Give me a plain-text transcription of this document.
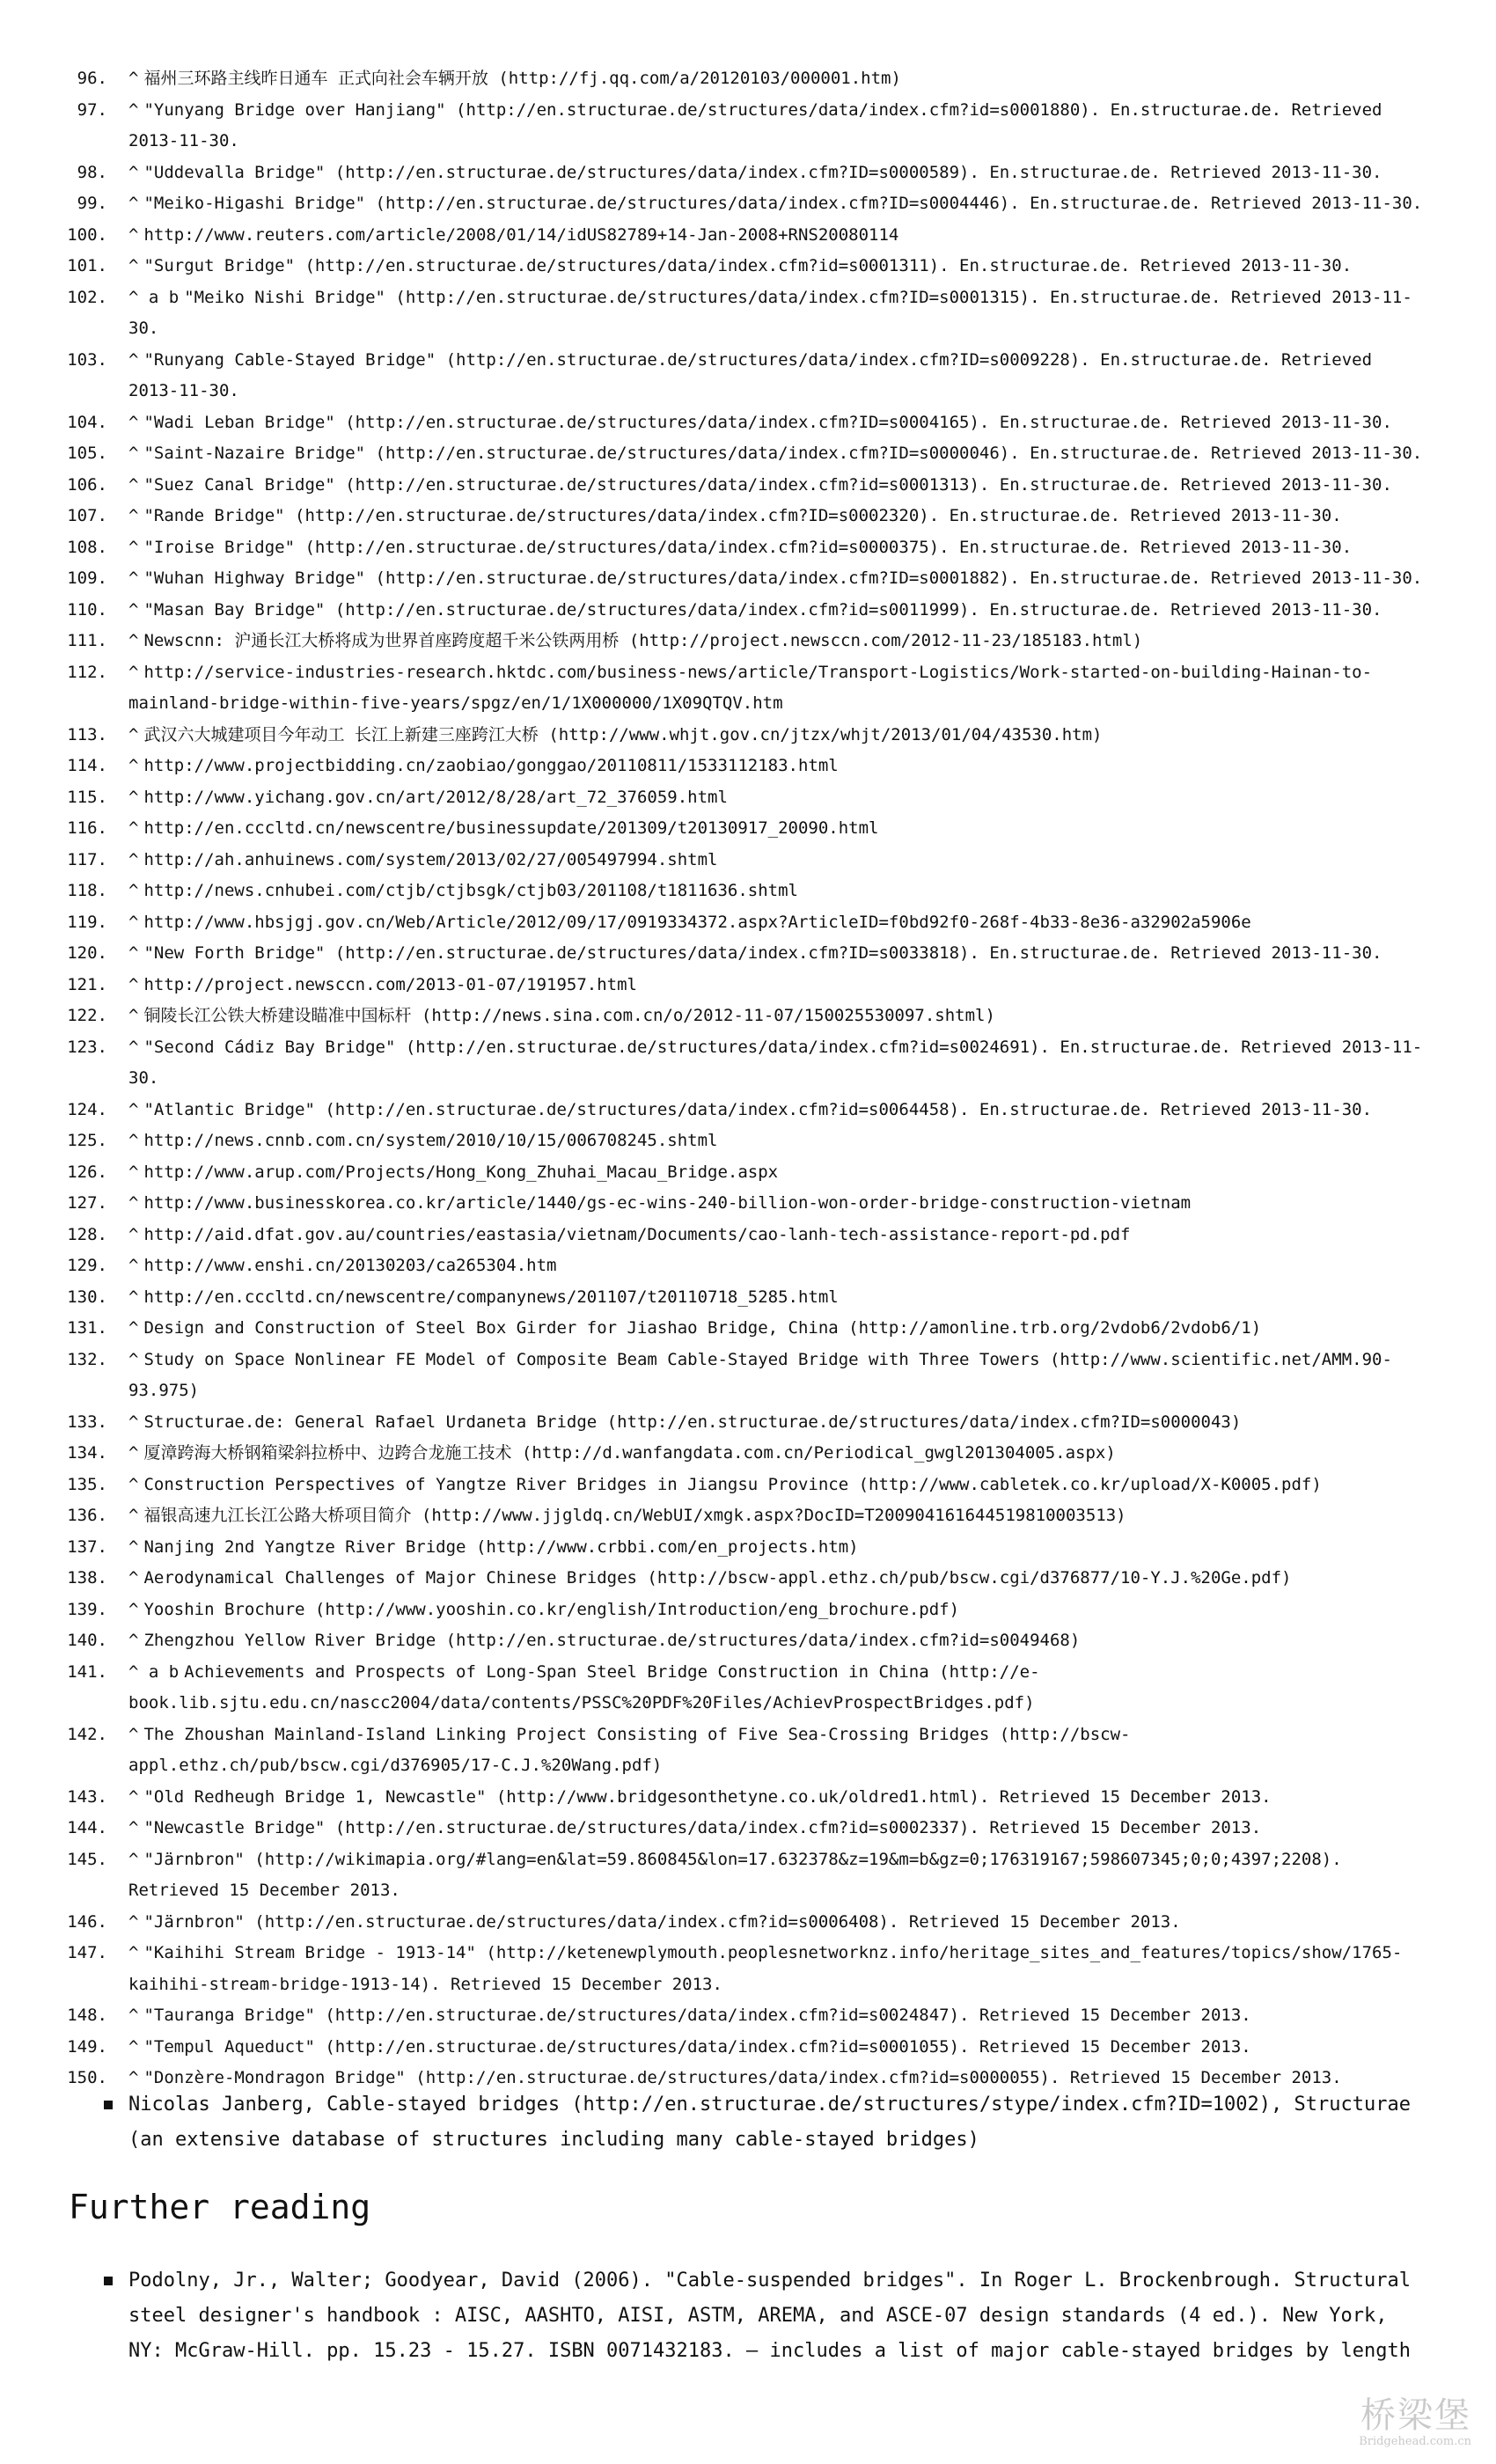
96. ^ 福州三环路主线昨日通车 正式向社会车辆开放 (http://fj.qq.com/a/20120103/000001.htm)
97. ^ "Yunyang Bridge over Hanjiang" (http://en.structurae.de/structures/data/index.cfm?id=s0001880). En.structurae.de. Retrieved 2013-11-30.
98. ^ "Uddevalla Bridge" (http://en.structurae.de/structures/data/index.cfm?ID=s0000589). En.structurae.de. Retrieved 2013-11-30.
99. ^ "Meiko-Higashi Bridge" (http://en.structurae.de/structures/data/index.cfm?ID=s0004446). En.structurae.de. Retrieved 2013-11-30.
100. ^ http://www.reuters.com/article/2008/01/14/idUS82789+14-Jan-2008+RNS20080114
101. ^ "Surgut Bridge" (http://en.structurae.de/structures/data/index.cfm?id=s0001311). En.structurae.de. Retrieved 2013-11-30.
102. ^ a b "Meiko Nishi Bridge" (http://en.structurae.de/structures/data/index.cfm?ID=s0001315). En.structurae.de. Retrieved 2013-11-30.
103. ^ "Runyang Cable-Stayed Bridge" (http://en.structurae.de/structures/data/index.cfm?ID=s0009228). En.structurae.de. Retrieved 2013-11-30.
104. ^ "Wadi Leban Bridge" (http://en.structurae.de/structures/data/index.cfm?ID=s0004165). En.structurae.de. Retrieved 2013-11-30.
105. ^ "Saint-Nazaire Bridge" (http://en.structurae.de/structures/data/index.cfm?ID=s0000046). En.structurae.de. Retrieved 2013-11-30.
106. ^ "Suez Canal Bridge" (http://en.structurae.de/structures/data/index.cfm?id=s0001313). En.structurae.de. Retrieved 2013-11-30.
107. ^ "Rande Bridge" (http://en.structurae.de/structures/data/index.cfm?ID=s0002320). En.structurae.de. Retrieved 2013-11-30.
108. ^ "Iroise Bridge" (http://en.structurae.de/structures/data/index.cfm?id=s0000375). En.structurae.de. Retrieved 2013-11-30.
109. ^ "Wuhan Highway Bridge" (http://en.structurae.de/structures/data/index.cfm?ID=s0001882). En.structurae.de. Retrieved 2013-11-30.
110. ^ "Masan Bay Bridge" (http://en.structurae.de/structures/data/index.cfm?id=s0011999). En.structurae.de. Retrieved 2013-11-30.
111. ^ Newscnn: 沪通长江大桥将成为世界首座跨度超千米公铁两用桥 (http://project.newsccn.com/2012-11-23/185183.html)
112. ^ http://service-industries-research.hktdc.com/business-news/article/Transport-Logistics/Work-started-on-building-Hainan-to-mainland-bridge-within-five-years/spgz/en/1/1X000000/1X09QTQV.htm
113. ^ 武汉六大城建项目今年动工 长江上新建三座跨江大桥 (http://www.whjt.gov.cn/jtzx/whjt/2013/01/04/43530.htm)
114. ^ http://www.projectbidding.cn/zaobiao/gonggao/20110811/1533112183.html
115. ^ http://www.yichang.gov.cn/art/2012/8/28/art_72_376059.html
116. ^ http://en.cccltd.cn/newscentre/businessupdate/201309/t20130917_20090.html
117. ^ http://ah.anhuinews.com/system/2013/02/27/005497994.shtml
118. ^ http://news.cnhubei.com/ctjb/ctjbsgk/ctjb03/201108/t1811636.shtml
119. ^ http://www.hbsjgj.gov.cn/Web/Article/2012/09/17/0919334372.aspx?ArticleID=f0bd92f0-268f-4b33-8e36-a32902a5906e
120. ^ "New Forth Bridge" (http://en.structurae.de/structures/data/index.cfm?ID=s0033818). En.structurae.de. Retrieved 2013-11-30.
121. ^ http://project.newsccn.com/2013-01-07/191957.html
122. ^ 铜陵长江公铁大桥建设瞄准中国标杆 (http://news.sina.com.cn/o/2012-11-07/150025530097.shtml)
123. ^ "Second Cádiz Bay Bridge" (http://en.structurae.de/structures/data/index.cfm?id=s0024691). En.structurae.de. Retrieved 2013-11-30.
124. ^ "Atlantic Bridge" (http://en.structurae.de/structures/data/index.cfm?id=s0064458). En.structurae.de. Retrieved 2013-11-30.
125. ^ http://news.cnnb.com.cn/system/2010/10/15/006708245.shtml
126. ^ http://www.arup.com/Projects/Hong_Kong_Zhuhai_Macau_Bridge.aspx
127. ^ http://www.businesskorea.co.kr/article/1440/gs-ec-wins-240-billion-won-order-bridge-construction-vietnam
128. ^ http://aid.dfat.gov.au/countries/eastasia/vietnam/Documents/cao-lanh-tech-assistance-report-pd.pdf
129. ^ http://www.enshi.cn/20130203/ca265304.htm
130. ^ http://en.cccltd.cn/newscentre/companynews/201107/t20110718_5285.html
131. ^ Design and Construction of Steel Box Girder for Jiashao Bridge, China (http://amonline.trb.org/2vdob6/2vdob6/1)
132. ^ Study on Space Nonlinear FE Model of Composite Beam Cable-Stayed Bridge with Three Towers (http://www.scientific.net/AMM.90-93.975)
133. ^ Structurae.de: General Rafael Urdaneta Bridge (http://en.structurae.de/structures/data/index.cfm?ID=s0000043)
134. ^ 厦漳跨海大桥钢箱梁斜拉桥中、边跨合龙施工技术 (http://d.wanfangdata.com.cn/Periodical_gwgl201304005.aspx)
135. ^ Construction Perspectives of Yangtze River Bridges in Jiangsu Province (http://www.cabletek.co.kr/upload/X-K0005.pdf)
136. ^ 福银高速九江长江公路大桥项目简介 (http://www.jjgldq.cn/WebUI/xmgk.aspx?DocID=T2009041616445198100035​13)
137. ^ Nanjing 2nd Yangtze River Bridge (http://www.crbbi.com/en_projects.htm)
138. ^ Aerodynamical Challenges of Major Chinese Bridges (http://bscw-appl.ethz.ch/pub/bscw.cgi/d376877/10-Y.J.%20Ge.pdf)
139. ^ Yooshin Brochure (http://www.yooshin.co.kr/english/Introduction/eng_brochure.pdf)
140. ^ Zhengzhou Yellow River Bridge (http://en.structurae.de/structures/data/index.cfm?id=s0049468)
141. ^ a b Achievements and Prospects of Long-Span Steel Bridge Construction in China (http://e-book.lib.sjtu.edu.cn/nascc2004/data/contents/PSSC%20PDF%20Files/AchievProspectBridges.pdf)
142. ^ The Zhoushan Mainland-Island Linking Project Consisting of Five Sea-Crossing Bridges (http://bscw-appl.ethz.ch/pub/bscw.cgi/d376905/17-C.J.%20Wang.pdf)
143. ^ "Old Redheugh Bridge 1, Newcastle" (http://www.bridgesonthetyne.co.uk/oldred1.html). Retrieved 15 December 2013.
144. ^ "Newcastle Bridge" (http://en.structurae.de/structures/data/index.cfm?id=s0002337). Retrieved 15 December 2013.
145. ^ "Järnbron" (http://wikimapia.org/#lang=en&lat=59.860845&lon=17.632378&z=19&m=b&gz=0;176319167;598607345;0;0;4397;2208). Retrieved 15 December 2013.
146. ^ "Järnbron" (http://en.structurae.de/structures/data/index.cfm?id=s0006408). Retrieved 15 December 2013.
147. ^ "Kaihihi Stream Bridge - 1913-14" (http://ketenewplymouth.peoplesnetworknz.info/heritage_sites_and_features/topics/show/1765-kaihihi-stream-bridge-1913-14). Retrieved 15 December 2013.
148. ^ "Tauranga Bridge" (http://en.structurae.de/structures/data/index.cfm?id=s0024847). Retrieved 15 December 2013.
149. ^ "Tempul Aqueduct" (http://en.structurae.de/structures/data/index.cfm?id=s0001055). Retrieved 15 December 2013.
150. ^ "Donzère-Mondragon Bridge" (http://en.structurae.de/structures/data/index.cfm?id=s0000055). Retrieved 15 December 2013.
Nicolas Janberg, Cable-stayed bridges (http://en.structurae.de/structures/stype/index.cfm?ID=1002), Structurae (an extensive database of structures including many cable-stayed bridges)
Further reading
Podolny, Jr., Walter; Goodyear, David (2006). "Cable-suspended bridges". In Roger L. Brockenbrough. Structural steel designer's handbook : AISC, AASHTO, AISI, ASTM, AREMA, and ASCE-07 design standards (4 ed.). New York, NY: McGraw-Hill. pp. 15.23 - 15.27. ISBN 0071432183. — includes a list of major cable-stayed bridges by length
桥梁堡
Bridgehead.com.cn
